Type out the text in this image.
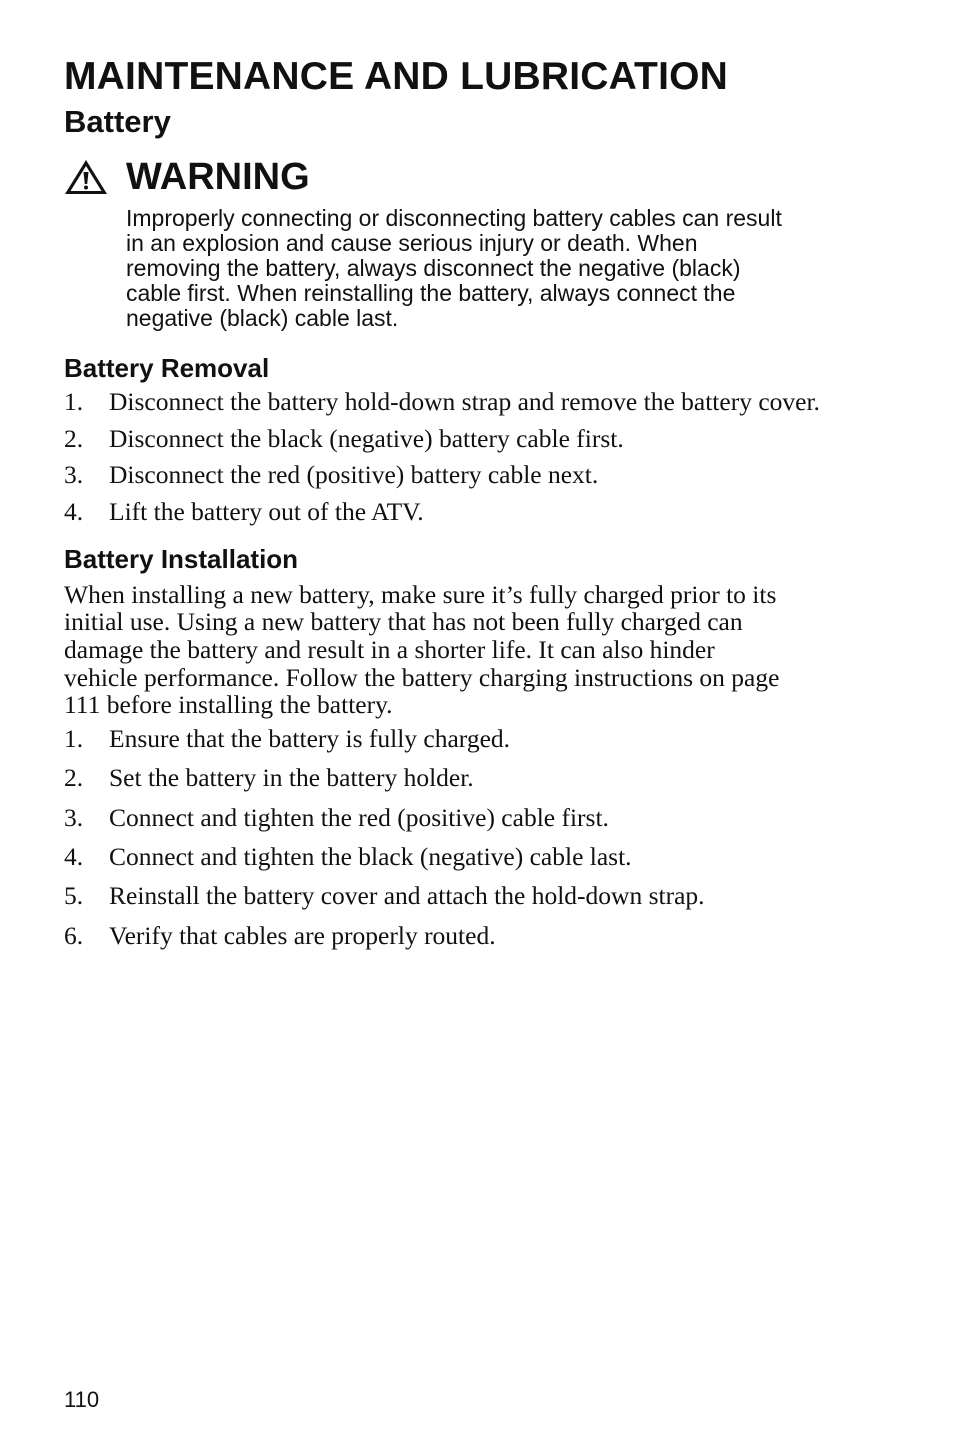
MAINTENANCE AND LUBRICATION
Battery
WARNING
Improperly connecting or disconnecting battery cables can result
in an explosion and cause serious injury or death. When
removing the battery, always disconnect the negative (black)
cable first. When reinstalling the battery, always connect the
negative (black) cable last.
Battery Removal
1.	Disconnect the battery hold-down strap and remove the battery cover.
2.	Disconnect the black (negative) battery cable first.
3.	Disconnect the red (positive) battery cable next.
4.	Lift the battery out of the ATV.
Battery Installation
When installing a new battery, make sure it’s fully charged prior to its
initial use. Using a new battery that has not been fully charged can
damage the battery and result in a shorter life. It can also hinder
vehicle performance. Follow the battery charging instructions on page
111 before installing the battery.
1.	Ensure that the battery is fully charged.
2.	Set the battery in the battery holder.
3.	Connect and tighten the red (positive) cable first.
4.	Connect and tighten the black (negative) cable last.
5.	Reinstall the battery cover and attach the hold-down strap.
6.	Verify that cables are properly routed.
110
